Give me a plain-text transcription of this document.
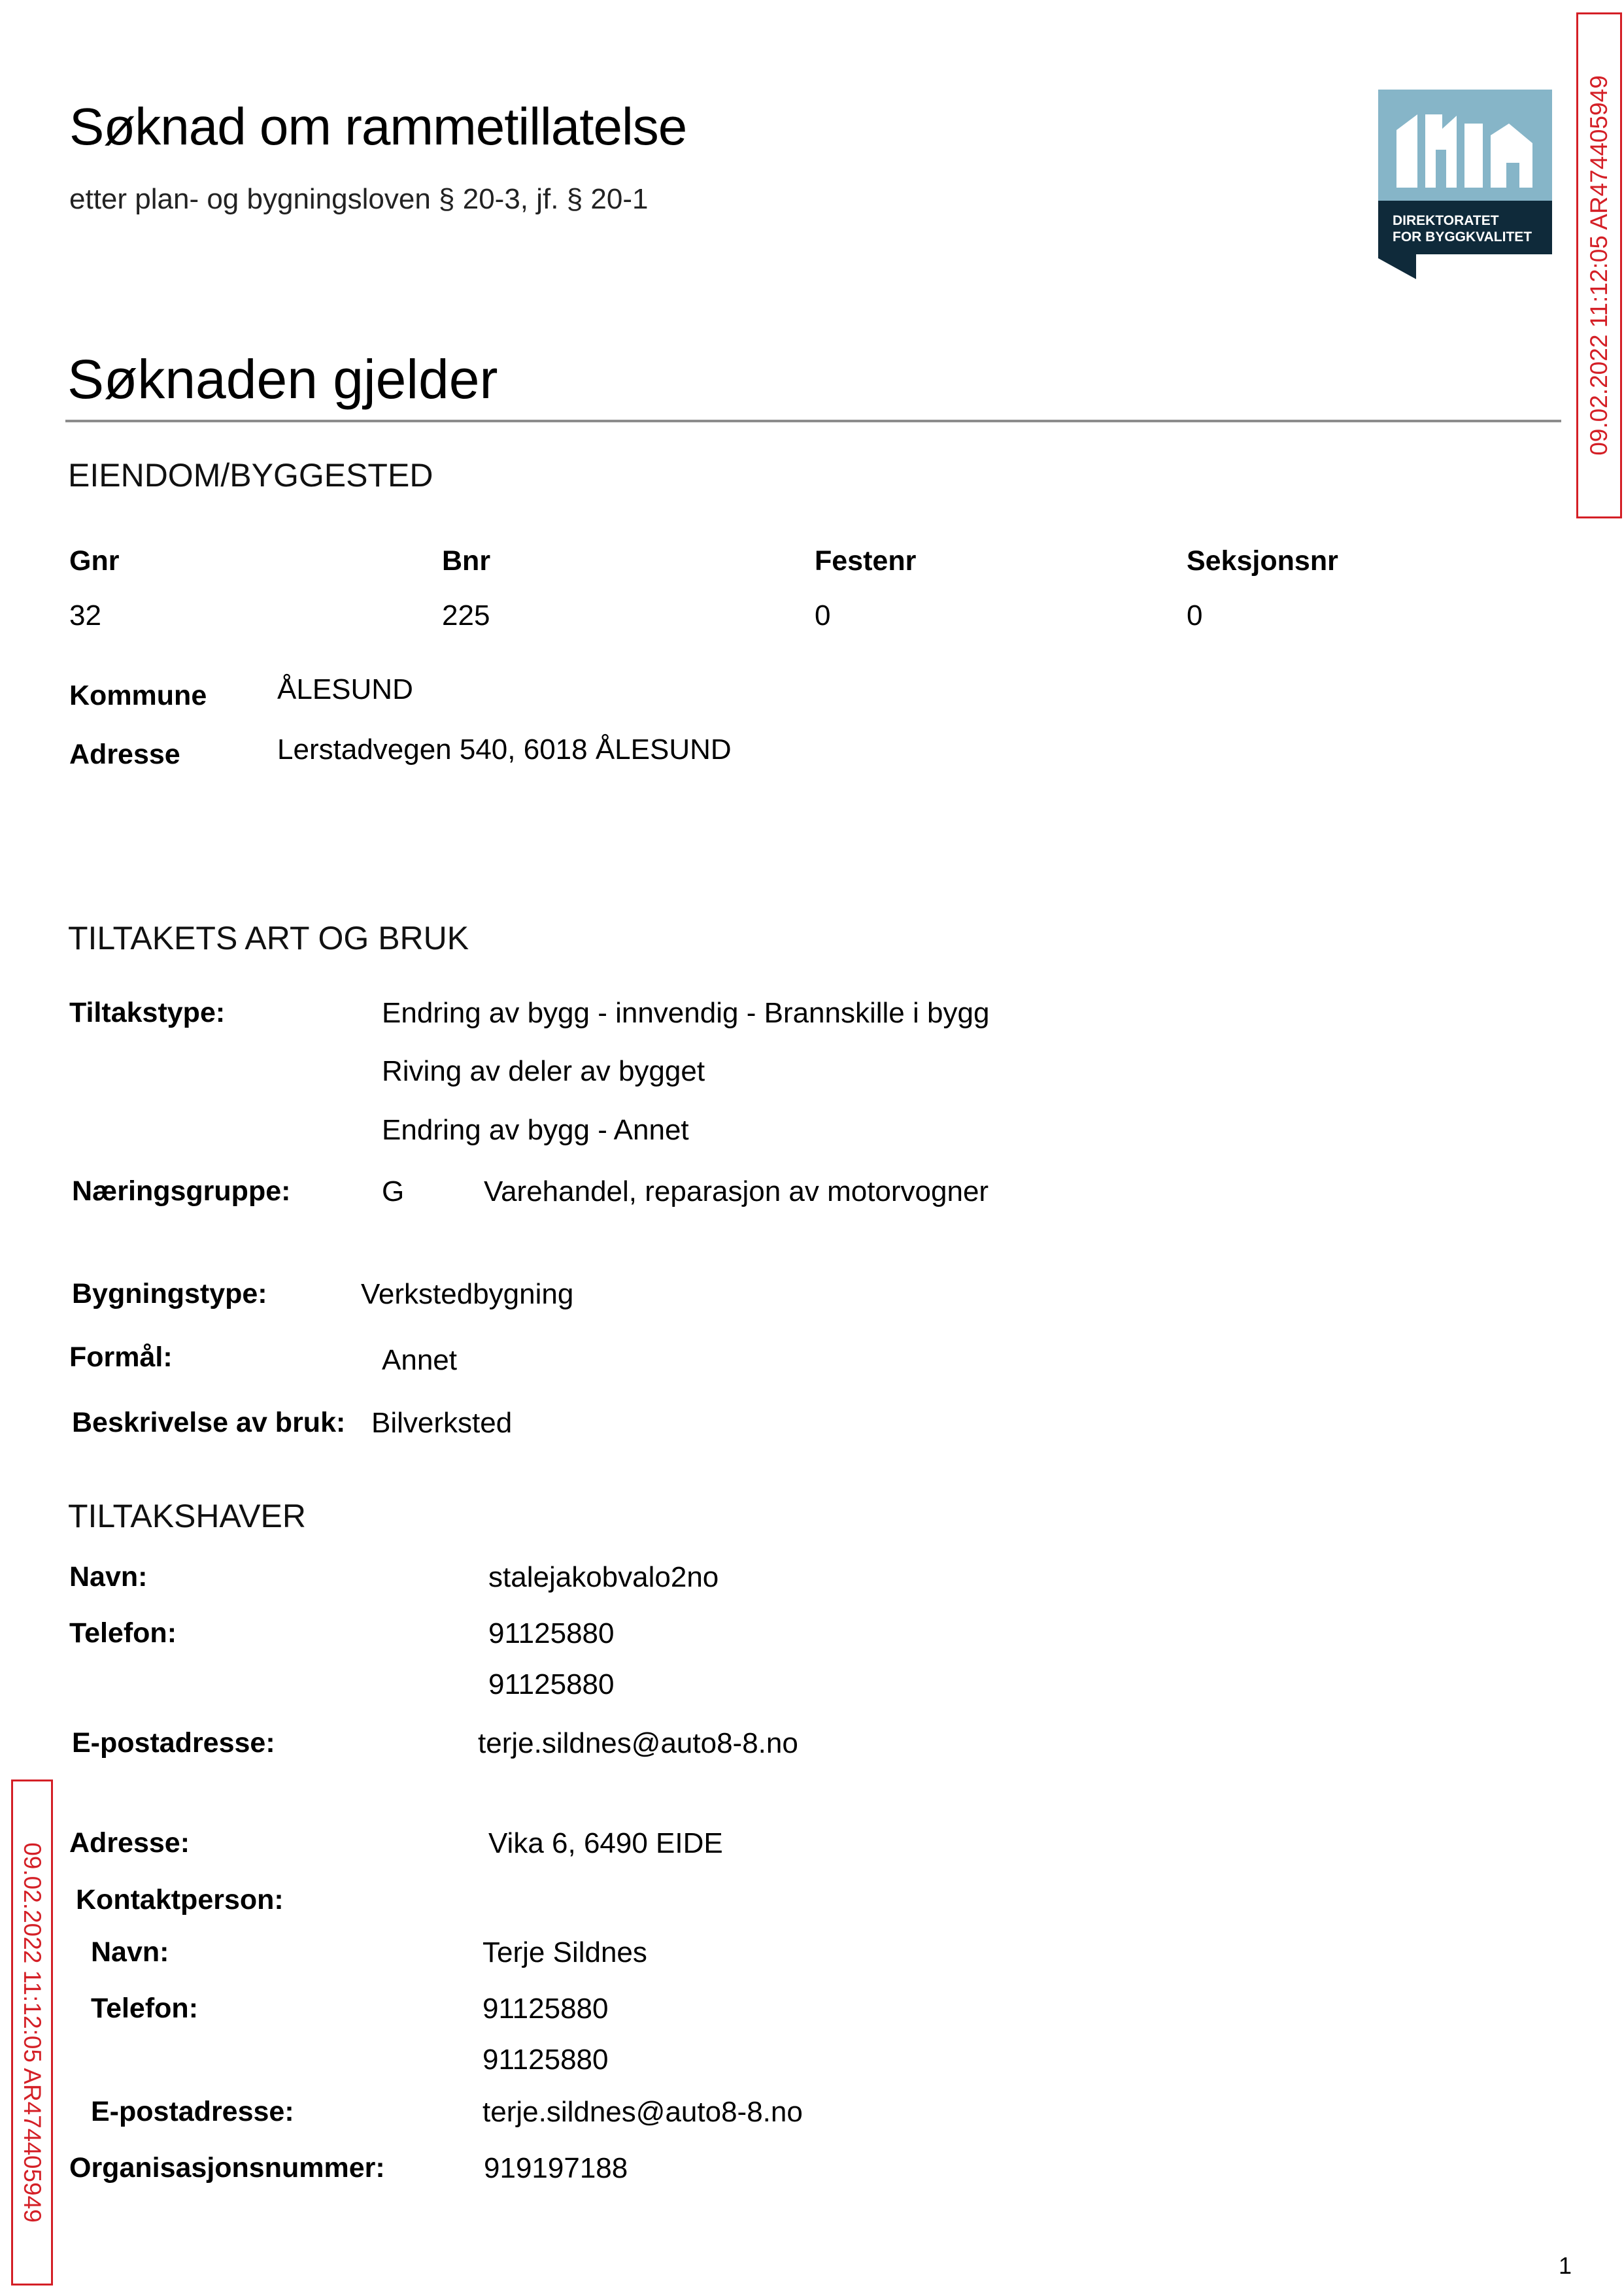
Søknad om rammetillatelse
etter plan- og bygningsloven § 20-3, jf. § 20-1
DIREKTORATET
FOR BYGGKVALITET 09.02.2022 11:12:05 AR474405949
09.02.2022 11:12:05 AR474405949
Søknaden gjelder
EIENDOM/BYGGESTED
Gnr	Bnr	Festenr	Seksjonsnr
32	225	0	0
Kommune ÅLESUND
Adresse	Lerstadvegen 540, 6018 ÅLESUND
TILTAKETS ART OG BRUK
Tiltakstype:	Endring av bygg - innvendig - Brannskille i bygg
Riving av deler av bygget
Endring av bygg - Annet
Næringsgruppe:	G	Varehandel, reparasjon av motorvogner
Bygningstype:	Verkstedbygning
Formål:	Annet
Beskrivelse av bruk: Bilverksted
TILTAKSHAVER
Navn:	stalejakobvalo2no
Telefon:	91125880
91125880
E-postadresse:	terje.sildnes@auto8-8.no
Adresse:	Vika 6, 6490 EIDE
Kontaktperson:
Navn:	Terje Sildnes
Telefon:	91125880
91125880
E-postadresse:	terje.sildnes@auto8-8.no
Organisasjonsnummer:	919197188
1
